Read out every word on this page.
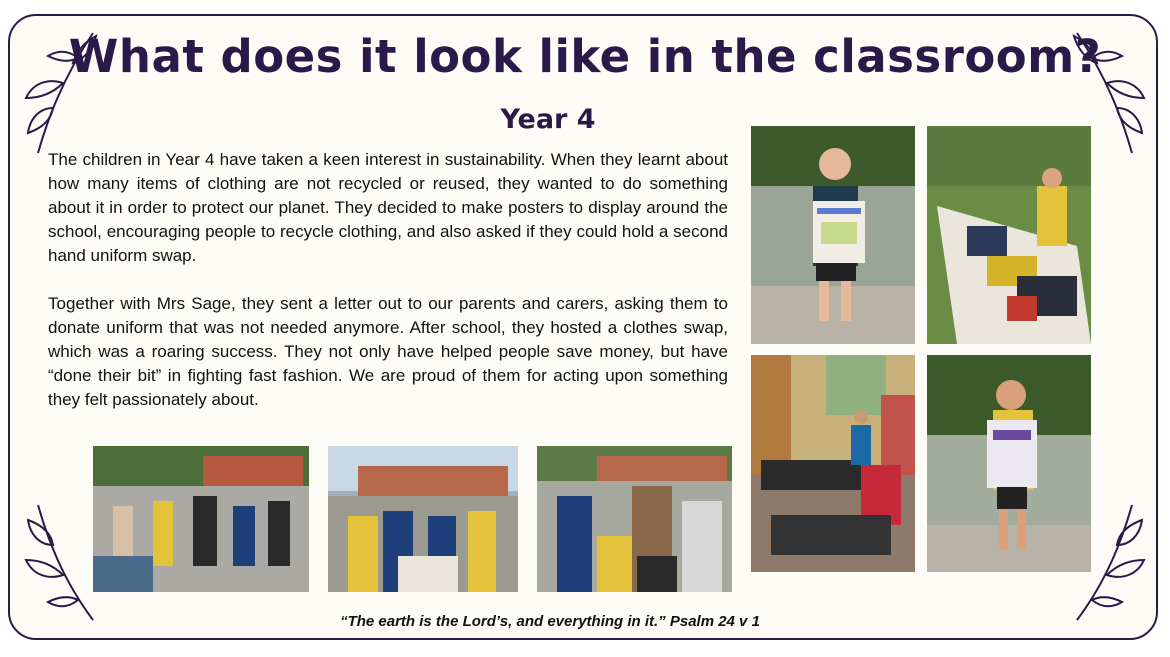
What does it look like in the classroom?
Year 4

The children in Year 4 have taken a keen interest in sustainability. When they learnt about how many items of clothing are not recycled or reused, they wanted to do something about it in order to protect our planet. They decided to make posters to display around the school, encouraging people to recycle clothing, and also asked if they could hold a second hand uniform swap.

Together with Mrs Sage, they sent a letter out to our parents and carers, asking them to donate uniform that was not needed anymore. After school, they hosted a clothes swap, which was a roaring success. They not only have helped people save money, but have “done their bit” in fighting fast fashion. We are proud of them for acting upon something they felt passionately about.

“The earth is the Lord’s, and everything in it.” Psalm 24 v 1
